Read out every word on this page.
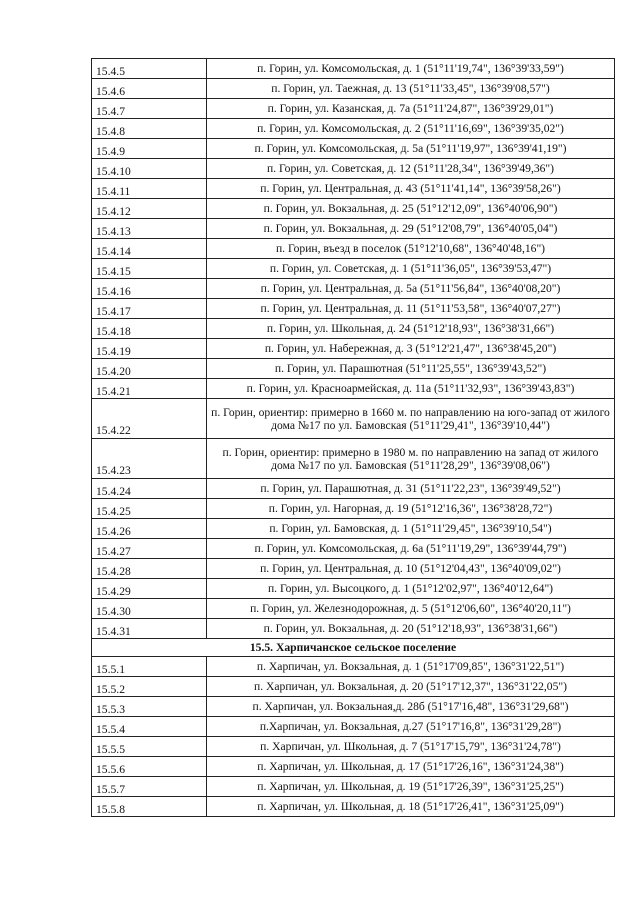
15.4.5	п. Горин, ул. Комсомольская, д. 1 (51°11'19,74", 136°39'33,59")
15.4.6	п. Горин, ул. Таежная, д. 13 (51°11'33,45", 136°39'08,57")
15.4.7	п. Горин, ул. Казанская, д. 7а (51°11'24,87", 136°39'29,01")
15.4.8	п. Горин, ул. Комсомольская, д. 2 (51°11'16,69", 136°39'35,02")
15.4.9	п. Горин, ул. Комсомольская, д. 5а (51°11'19,97", 136°39'41,19")
15.4.10	п. Горин, ул. Советская, д. 12 (51°11'28,34", 136°39'49,36")
15.4.11	п. Горин, ул. Центральная, д. 43 (51°11'41,14", 136°39'58,26")
15.4.12	п. Горин, ул. Вокзальная, д. 25 (51°12'12,09", 136°40'06,90")
15.4.13	п. Горин, ул. Вокзальная, д. 29 (51°12'08,79", 136°40'05,04")
15.4.14	п. Горин, въезд в поселок (51°12'10,68", 136°40'48,16")
15.4.15	п. Горин, ул. Советская, д. 1 (51°11'36,05", 136°39'53,47")
15.4.16	п. Горин, ул. Центральная, д. 5а (51°11'56,84", 136°40'08,20")
15.4.17	п. Горин, ул. Центральная, д. 11 (51°11'53,58", 136°40'07,27")
15.4.18	п. Горин, ул. Школьная, д. 24 (51°12'18,93", 136°38'31,66")
15.4.19	п. Горин, ул. Набережная, д. 3 (51°12'21,47", 136°38'45,20")
15.4.20	п. Горин, ул. Парашютная (51°11'25,55", 136°39'43,52")
15.4.21	п. Горин, ул. Красноармейская, д. 11а (51°11'32,93", 136°39'43,83")
15.4.22	п. Горин, ориентир: примерно в 1660 м. по направлению на юго-запад от жилого дома №17 по ул. Бамовская (51°11'29,41", 136°39'10,44")
15.4.23	п. Горин, ориентир: примерно в 1980 м. по направлению на запад от жилого дома №17 по ул. Бамовская (51°11'28,29", 136°39'08,06")
15.4.24	п. Горин, ул. Парашютная, д. 31 (51°11'22,23", 136°39'49,52")
15.4.25	п. Горин, ул. Нагорная, д. 19 (51°12'16,36", 136°38'28,72")
15.4.26	п. Горин, ул. Бамовская, д. 1 (51°11'29,45", 136°39'10,54")
15.4.27	п. Горин, ул. Комсомольская, д. 6а (51°11'19,29", 136°39'44,79")
15.4.28	п. Горин, ул. Центральная, д. 10 (51°12'04,43", 136°40'09,02")
15.4.29	п. Горин, ул. Высоцкого, д. 1 (51°12'02,97", 136°40'12,64")
15.4.30	п. Горин, ул. Железнодорожная, д. 5 (51°12'06,60", 136°40'20,11")
15.4.31	п. Горин, ул. Вокзальная, д. 20 (51°12'18,93", 136°38'31,66")
15.5. Харпичанское сельское поселение	
15.5.1	п. Харпичан, ул. Вокзальная, д. 1 (51°17'09,85", 136°31'22,51")
15.5.2	п. Харпичан, ул. Вокзальная, д. 20 (51°17'12,37", 136°31'22,05")
15.5.3	п. Харпичан, ул. Вокзальная,д. 28б (51°17'16,48", 136°31'29,68")
15.5.4	п.Харпичан, ул. Вокзальная, д.27 (51°17'16,8", 136°31'29,28")
15.5.5	п. Харпичан, ул. Школьная, д. 7 (51°17'15,79", 136°31'24,78")
15.5.6	п. Харпичан, ул. Школьная, д. 17 (51°17'26,16", 136°31'24,38")
15.5.7	п. Харпичан, ул. Школьная, д. 19 (51°17'26,39", 136°31'25,25")
15.5.8	п. Харпичан, ул. Школьная, д. 18 (51°17'26,41", 136°31'25,09")
